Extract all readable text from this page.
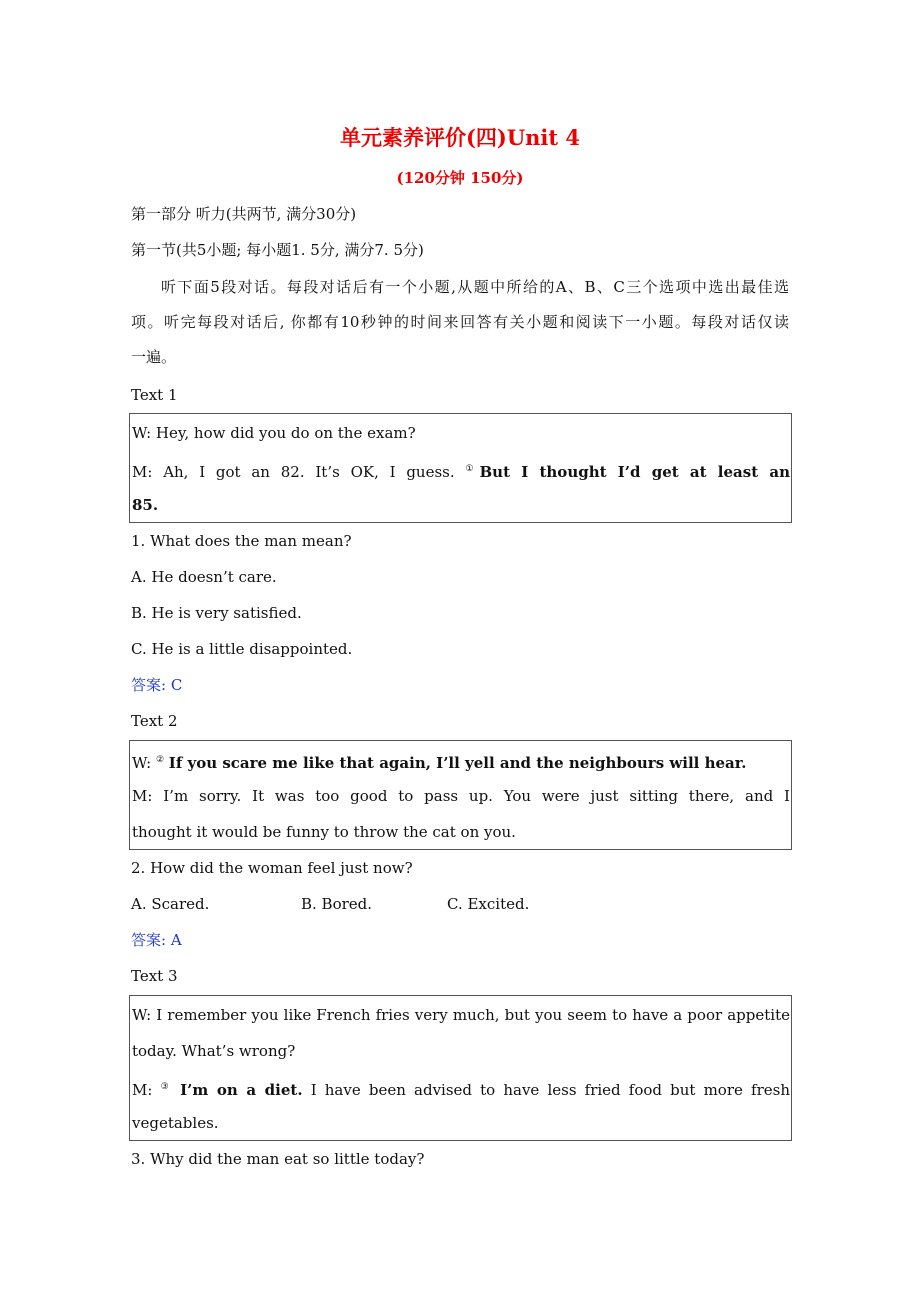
单元素养评价(四)Unit 4
(120分钟 150分)
第一部分 听力(共两节, 满分30分)
第一节(共5小题; 每小题1. 5分, 满分7. 5分)
听下面5段对话。每段对话后有一个小题,从题中所给的A、B、C三个选项中选出最佳选
项。听完每段对话后, 你都有10秒钟的时间来回答有关小题和阅读下一小题。每段对话仅读
一遍。
Text 1
W: Hey, how did you do on the exam?
M: Ah, I got an 82. It’s OK, I guess. ①But I thought I’d get at least an
85.
1. What does the man mean?
A. He doesn’t care.
B. He is very satisfied.
C. He is a little disappointed.
答案: C
Text 2
W: ② If you scare me like that again, I’ll yell and the neighbours will hear.
M: I’m sorry. It was too good to pass up. You were just sitting there, and I
thought it would be funny to throw the cat on you.
2. How did the woman feel just now?
A. Scared.	B. Bored.	C. Excited.
答案: A
Text 3
W: I remember you like French fries very much, but you seem to have a poor appetite
today. What’s wrong?
M: ③ I’m on a diet. I have been advised to have less fried food but more fresh
vegetables.
3. Why did the man eat so little today?
